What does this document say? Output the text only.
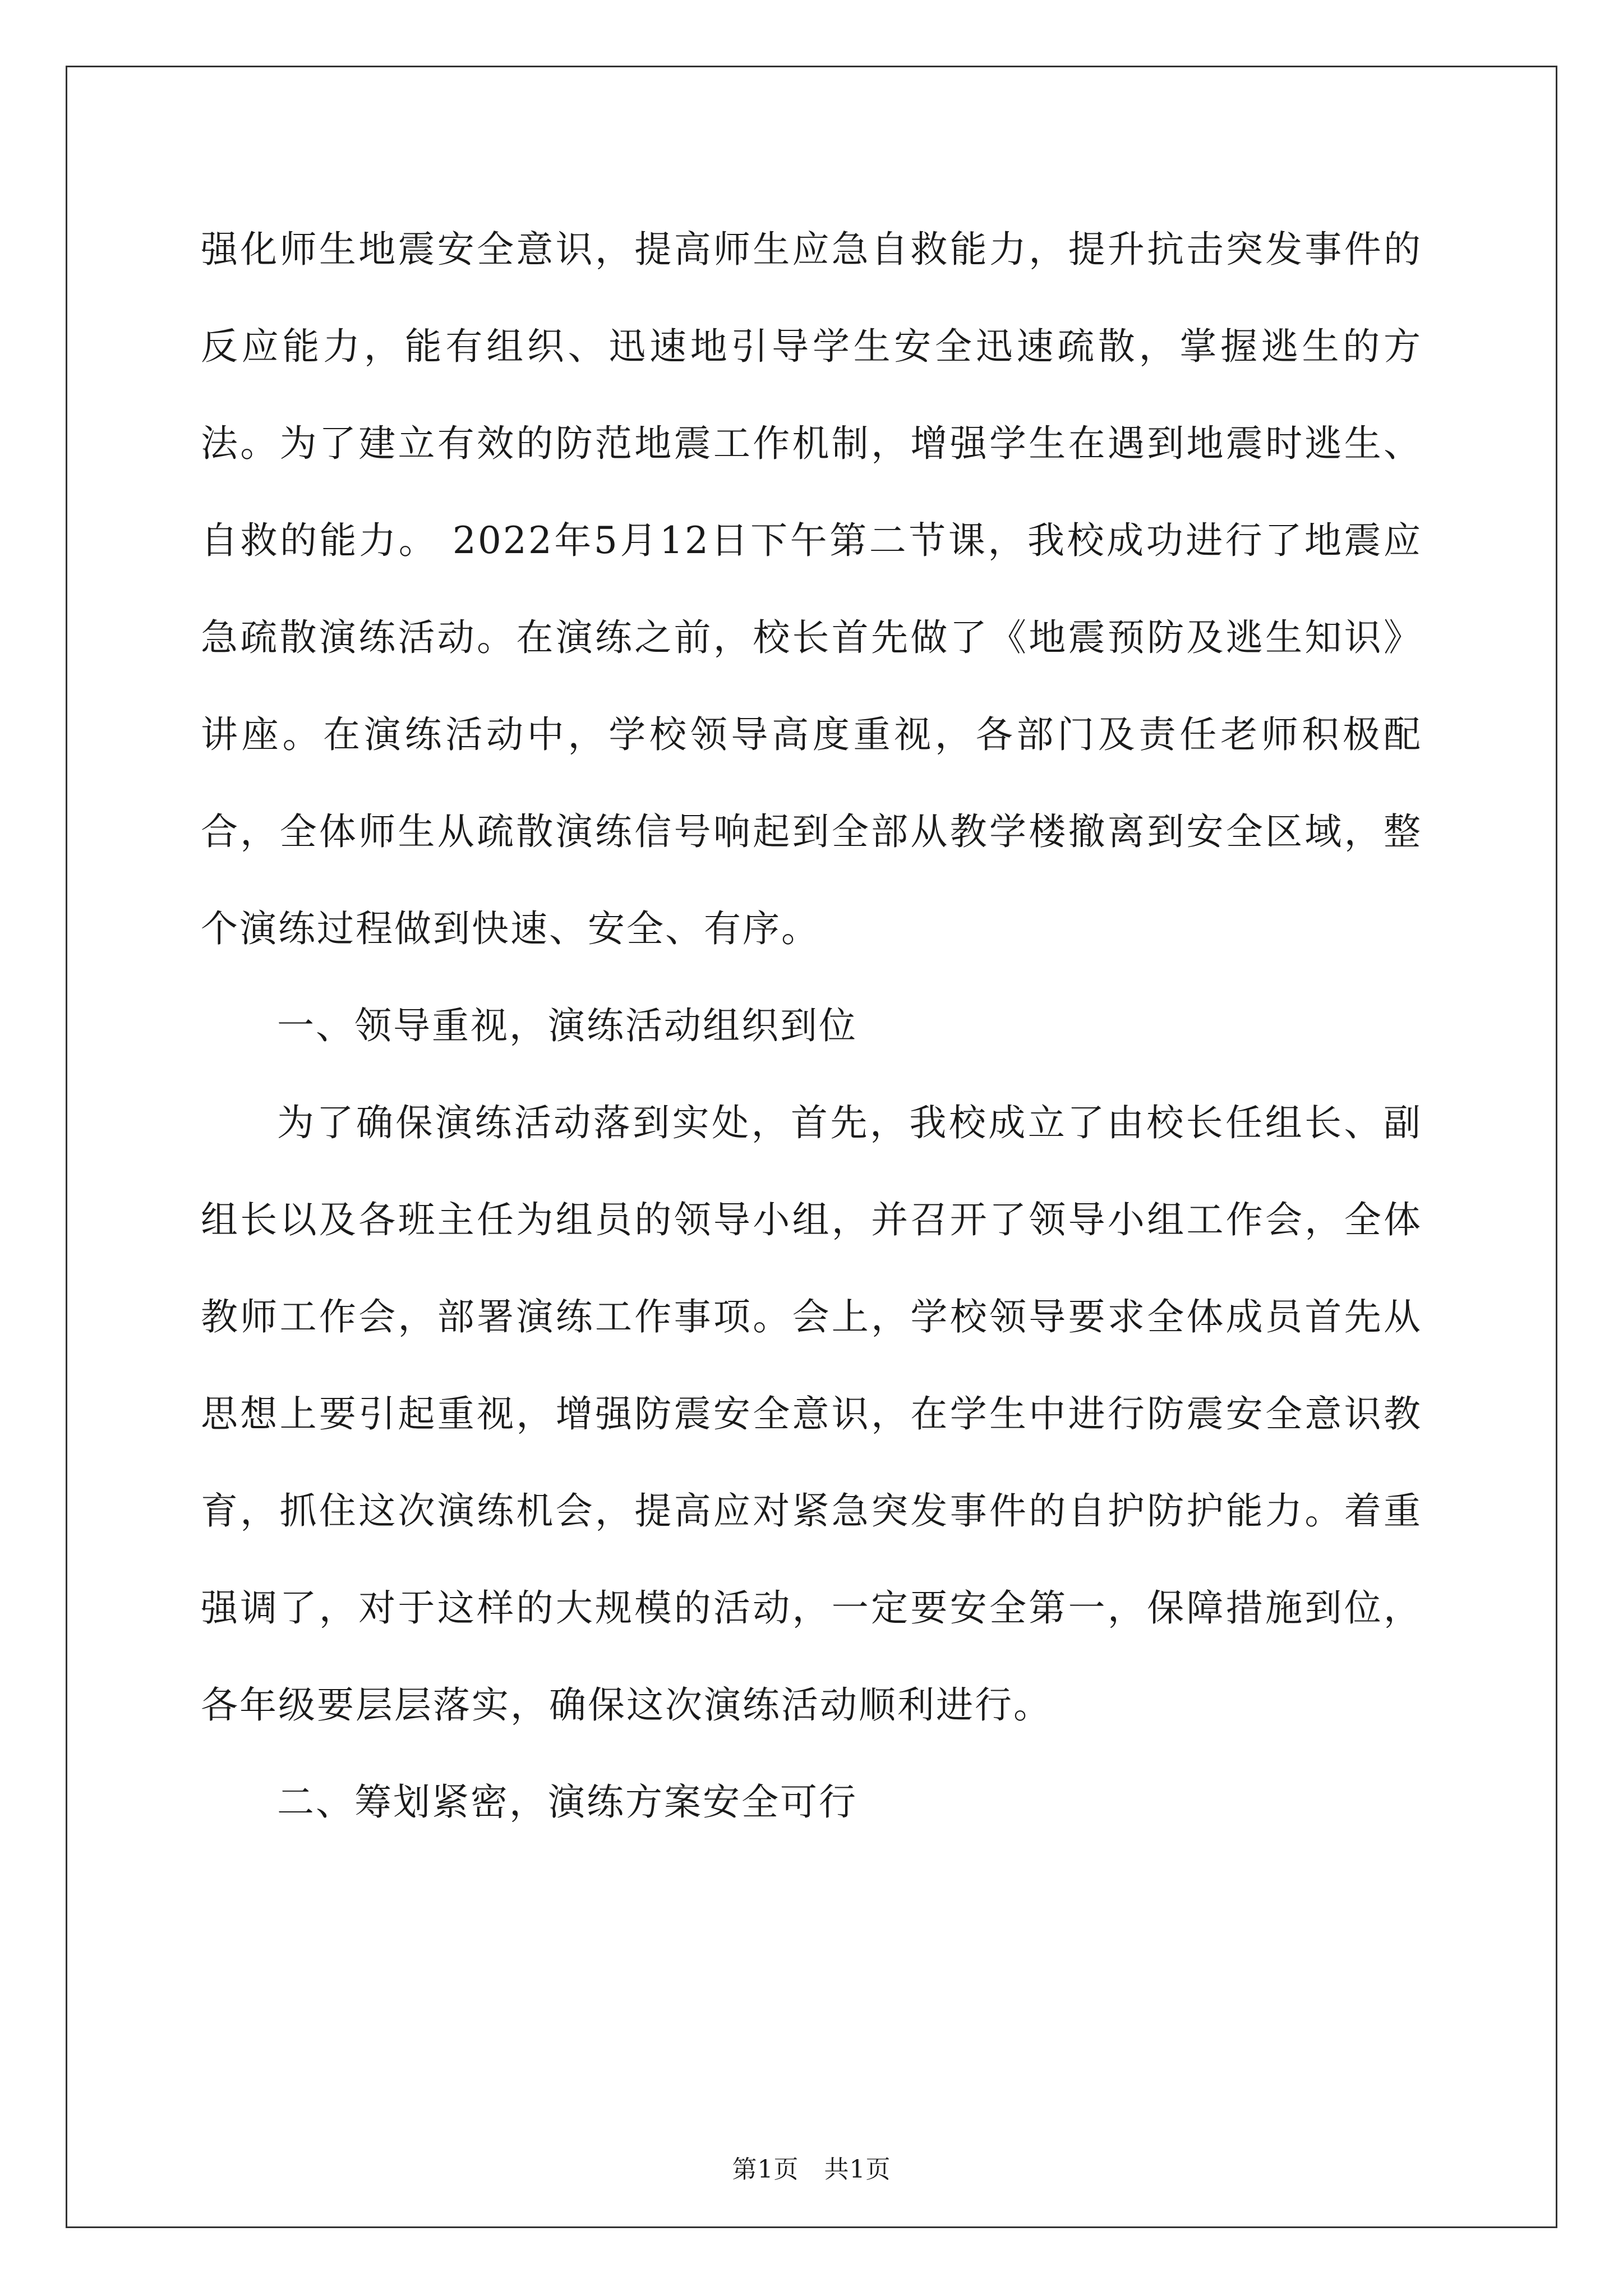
强化师生地震安全意识，提高师生应急自救能力，提升抗击突发事件的反应能力，能有组织、迅速地引导学生安全迅速疏散，掌握逃生的方法。为了建立有效的防范地震工作机制，增强学生在遇到地震时逃生、自救的能力。 2022年5月12日下午第二节课，我校成功进行了地震应急疏散演练活动。在演练之前，校长首先做了《地震预防及逃生知识》讲座。在演练活动中，学校领导高度重视，各部门及责任老师积极配合，全体师生从疏散演练信号响起到全部从教学楼撤离到安全区域，整个演练过程做到快速、安全、有序。

一、领导重视，演练活动组织到位

为了确保演练活动落到实处，首先，我校成立了由校长任组长、副组长以及各班主任为组员的领导小组，并召开了领导小组工作会，全体教师工作会，部署演练工作事项。会上，学校领导要求全体成员首先从思想上要引起重视，增强防震安全意识，在学生中进行防震安全意识教育，抓住这次演练机会，提高应对紧急突发事件的自护防护能力。着重强调了，对于这样的大规模的活动，一定要安全第一，保障措施到位，各年级要层层落实，确保这次演练活动顺利进行。

二、筹划紧密，演练方案安全可行

第1页　共1页
